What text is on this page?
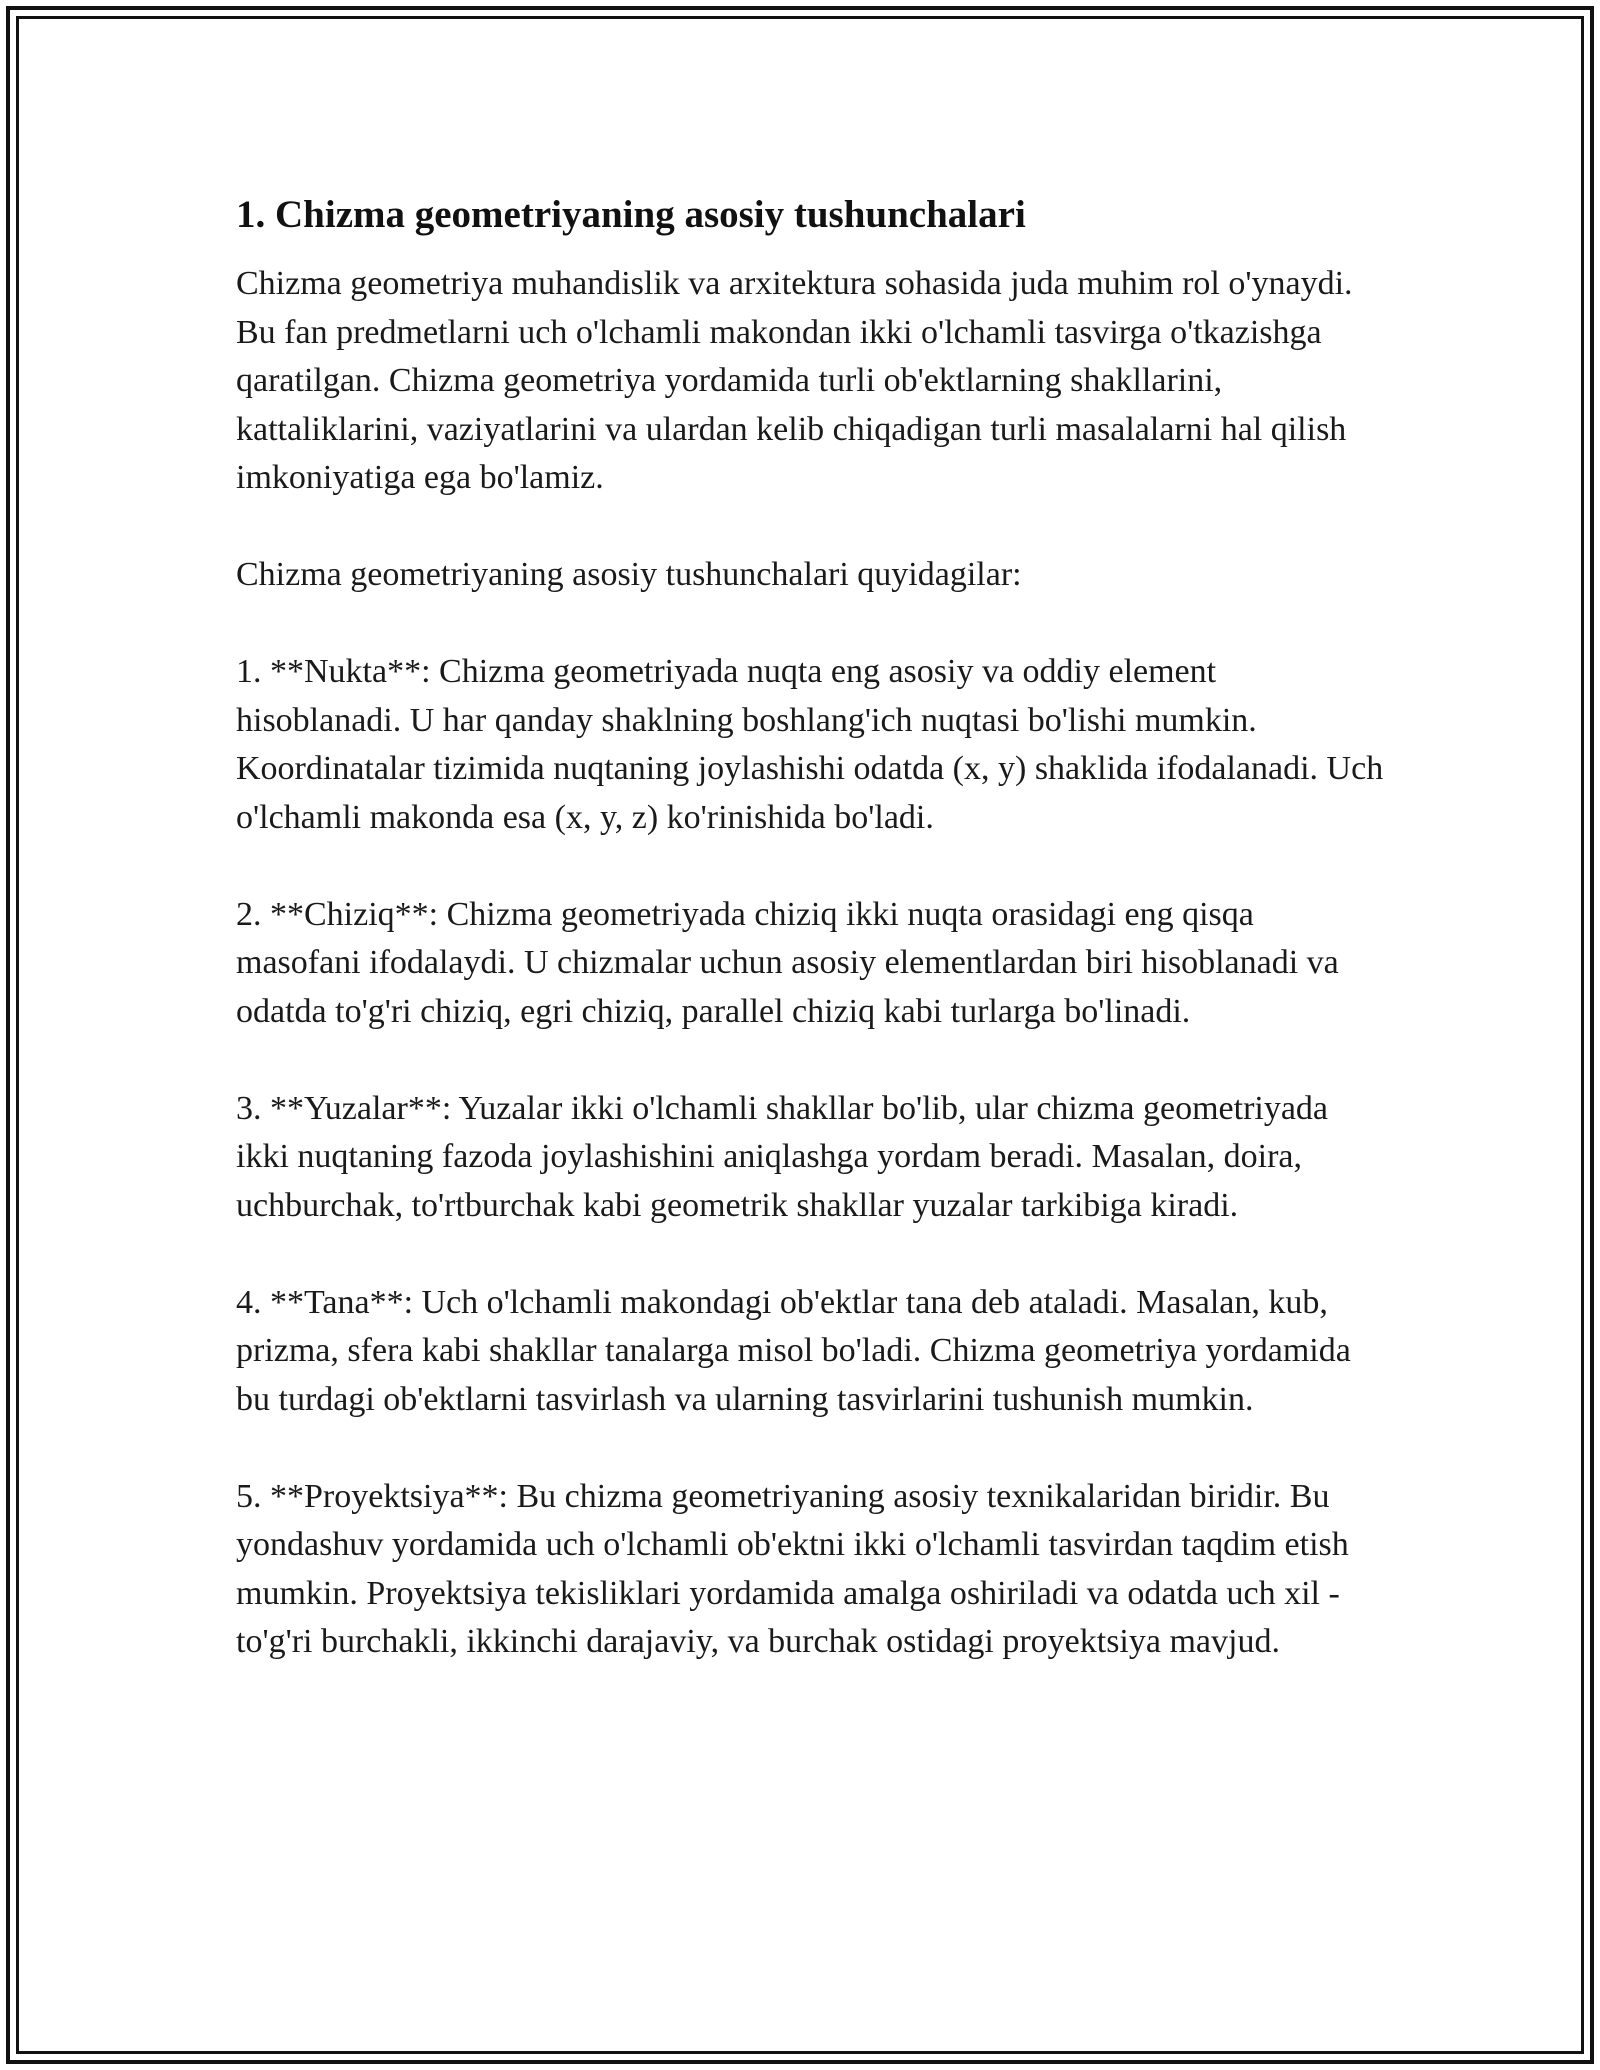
1. Chizma geometriyaning asosiy tushunchalari

Chizma geometriya muhandislik va arxitektura sohasida juda muhim rol o'ynaydi. Bu fan predmetlarni uch o'lchamli makondan ikki o'lchamli tasvirga o'tkazishga qaratilgan. Chizma geometriya yordamida turli ob'ektlarning shakllarini, kattaliklarini, vaziyatlarini va ulardan kelib chiqadigan turli masalalarni hal qilish imkoniyatiga ega bo'lamiz.

Chizma geometriyaning asosiy tushunchalari quyidagilar:

1. **Nukta**: Chizma geometriyada nuqta eng asosiy va oddiy element hisoblanadi. U har qanday shaklning boshlang'ich nuqtasi bo'lishi mumkin. Koordinatalar tizimida nuqtaning joylashishi odatda (x, y) shaklida ifodalanadi. Uch o'lchamli makonda esa (x, y, z) ko'rinishida bo'ladi.

2. **Chiziq**: Chizma geometriyada chiziq ikki nuqta orasidagi eng qisqa masofani ifodalaydi. U chizmalar uchun asosiy elementlardan biri hisoblanadi va odatda to'g'ri chiziq, egri chiziq, parallel chiziq kabi turlarga bo'linadi.

3. **Yuzalar**: Yuzalar ikki o'lchamli shakllar bo'lib, ular chizma geometriyada ikki nuqtaning fazoda joylashishini aniqlashga yordam beradi. Masalan, doira, uchburchak, to'rtburchak kabi geometrik shakllar yuzalar tarkibiga kiradi.

4. **Tana**: Uch o'lchamli makondagi ob'ektlar tana deb ataladi. Masalan, kub, prizma, sfera kabi shakllar tanalarga misol bo'ladi. Chizma geometriya yordamida bu turdagi ob'ektlarni tasvirlash va ularning tasvirlarini tushunish mumkin.

5. **Proyektsiya**: Bu chizma geometriyaning asosiy texnikalaridan biridir. Bu yondashuv yordamida uch o'lchamli ob'ektni ikki o'lchamli tasvirdan taqdim etish mumkin. Proyektsiya tekisliklari yordamida amalga oshiriladi va odatda uch xil - to'g'ri burchakli, ikkinchi darajaviy, va burchak ostidagi proyektsiya mavjud.
